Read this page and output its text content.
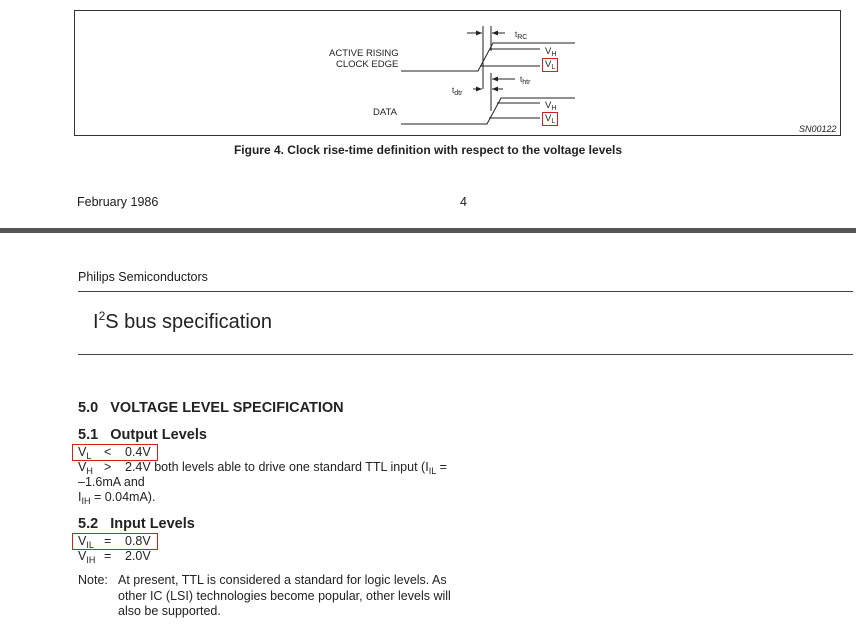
ACTIVE RISING
CLOCK EDGE
DATA
tRC
thtr
tdtr
$V_H$
$V_L$
$V_H$
$V_L$
SN00122
Figure 4. Clock rise-time definition with respect to the voltage levels
February 1986	4
Philips Semiconductors
$I^2S$ bus specification
5.0   VOLTAGE LEVEL SPECIFICATION
5.1   Output Levels
$V_L < 0.4V$
$V_H > 2.4V$ both levels able to drive one standard TTL input ($I_{IL}$ =
–1.6mA and
$I_{IH} = 0.04mA$).
5.2   Input Levels
$V_{IL} = 0.8V$
$V_{IH} = 2.0V$
Note: At present, TTL is considered a standard for logic levels. As
other IC (LSI) technologies become popular, other levels will
also be supported.
